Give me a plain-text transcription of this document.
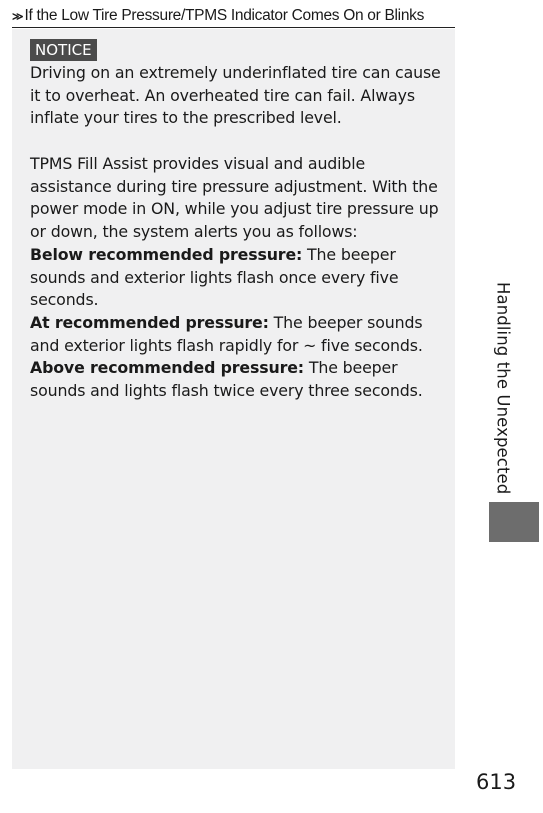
≫ If the Low Tire Pressure/TPMS Indicator Comes On or Blinks
NOTICE

Driving on an extremely underinflated tire can cause it to overheat. An overheated tire can fail. Always inflate your tires to the prescribed level.

TPMS Fill Assist provides visual and audible assistance during tire pressure adjustment. With the power mode in ON, while you adjust tire pressure up or down, the system alerts you as follows:

Below recommended pressure: The beeper sounds and exterior lights flash once every five seconds.

At recommended pressure: The beeper sounds and exterior lights flash rapidly for ~ five seconds.

Above recommended pressure: The beeper sounds and lights flash twice every three seconds.	Handling the Unexpected
613
